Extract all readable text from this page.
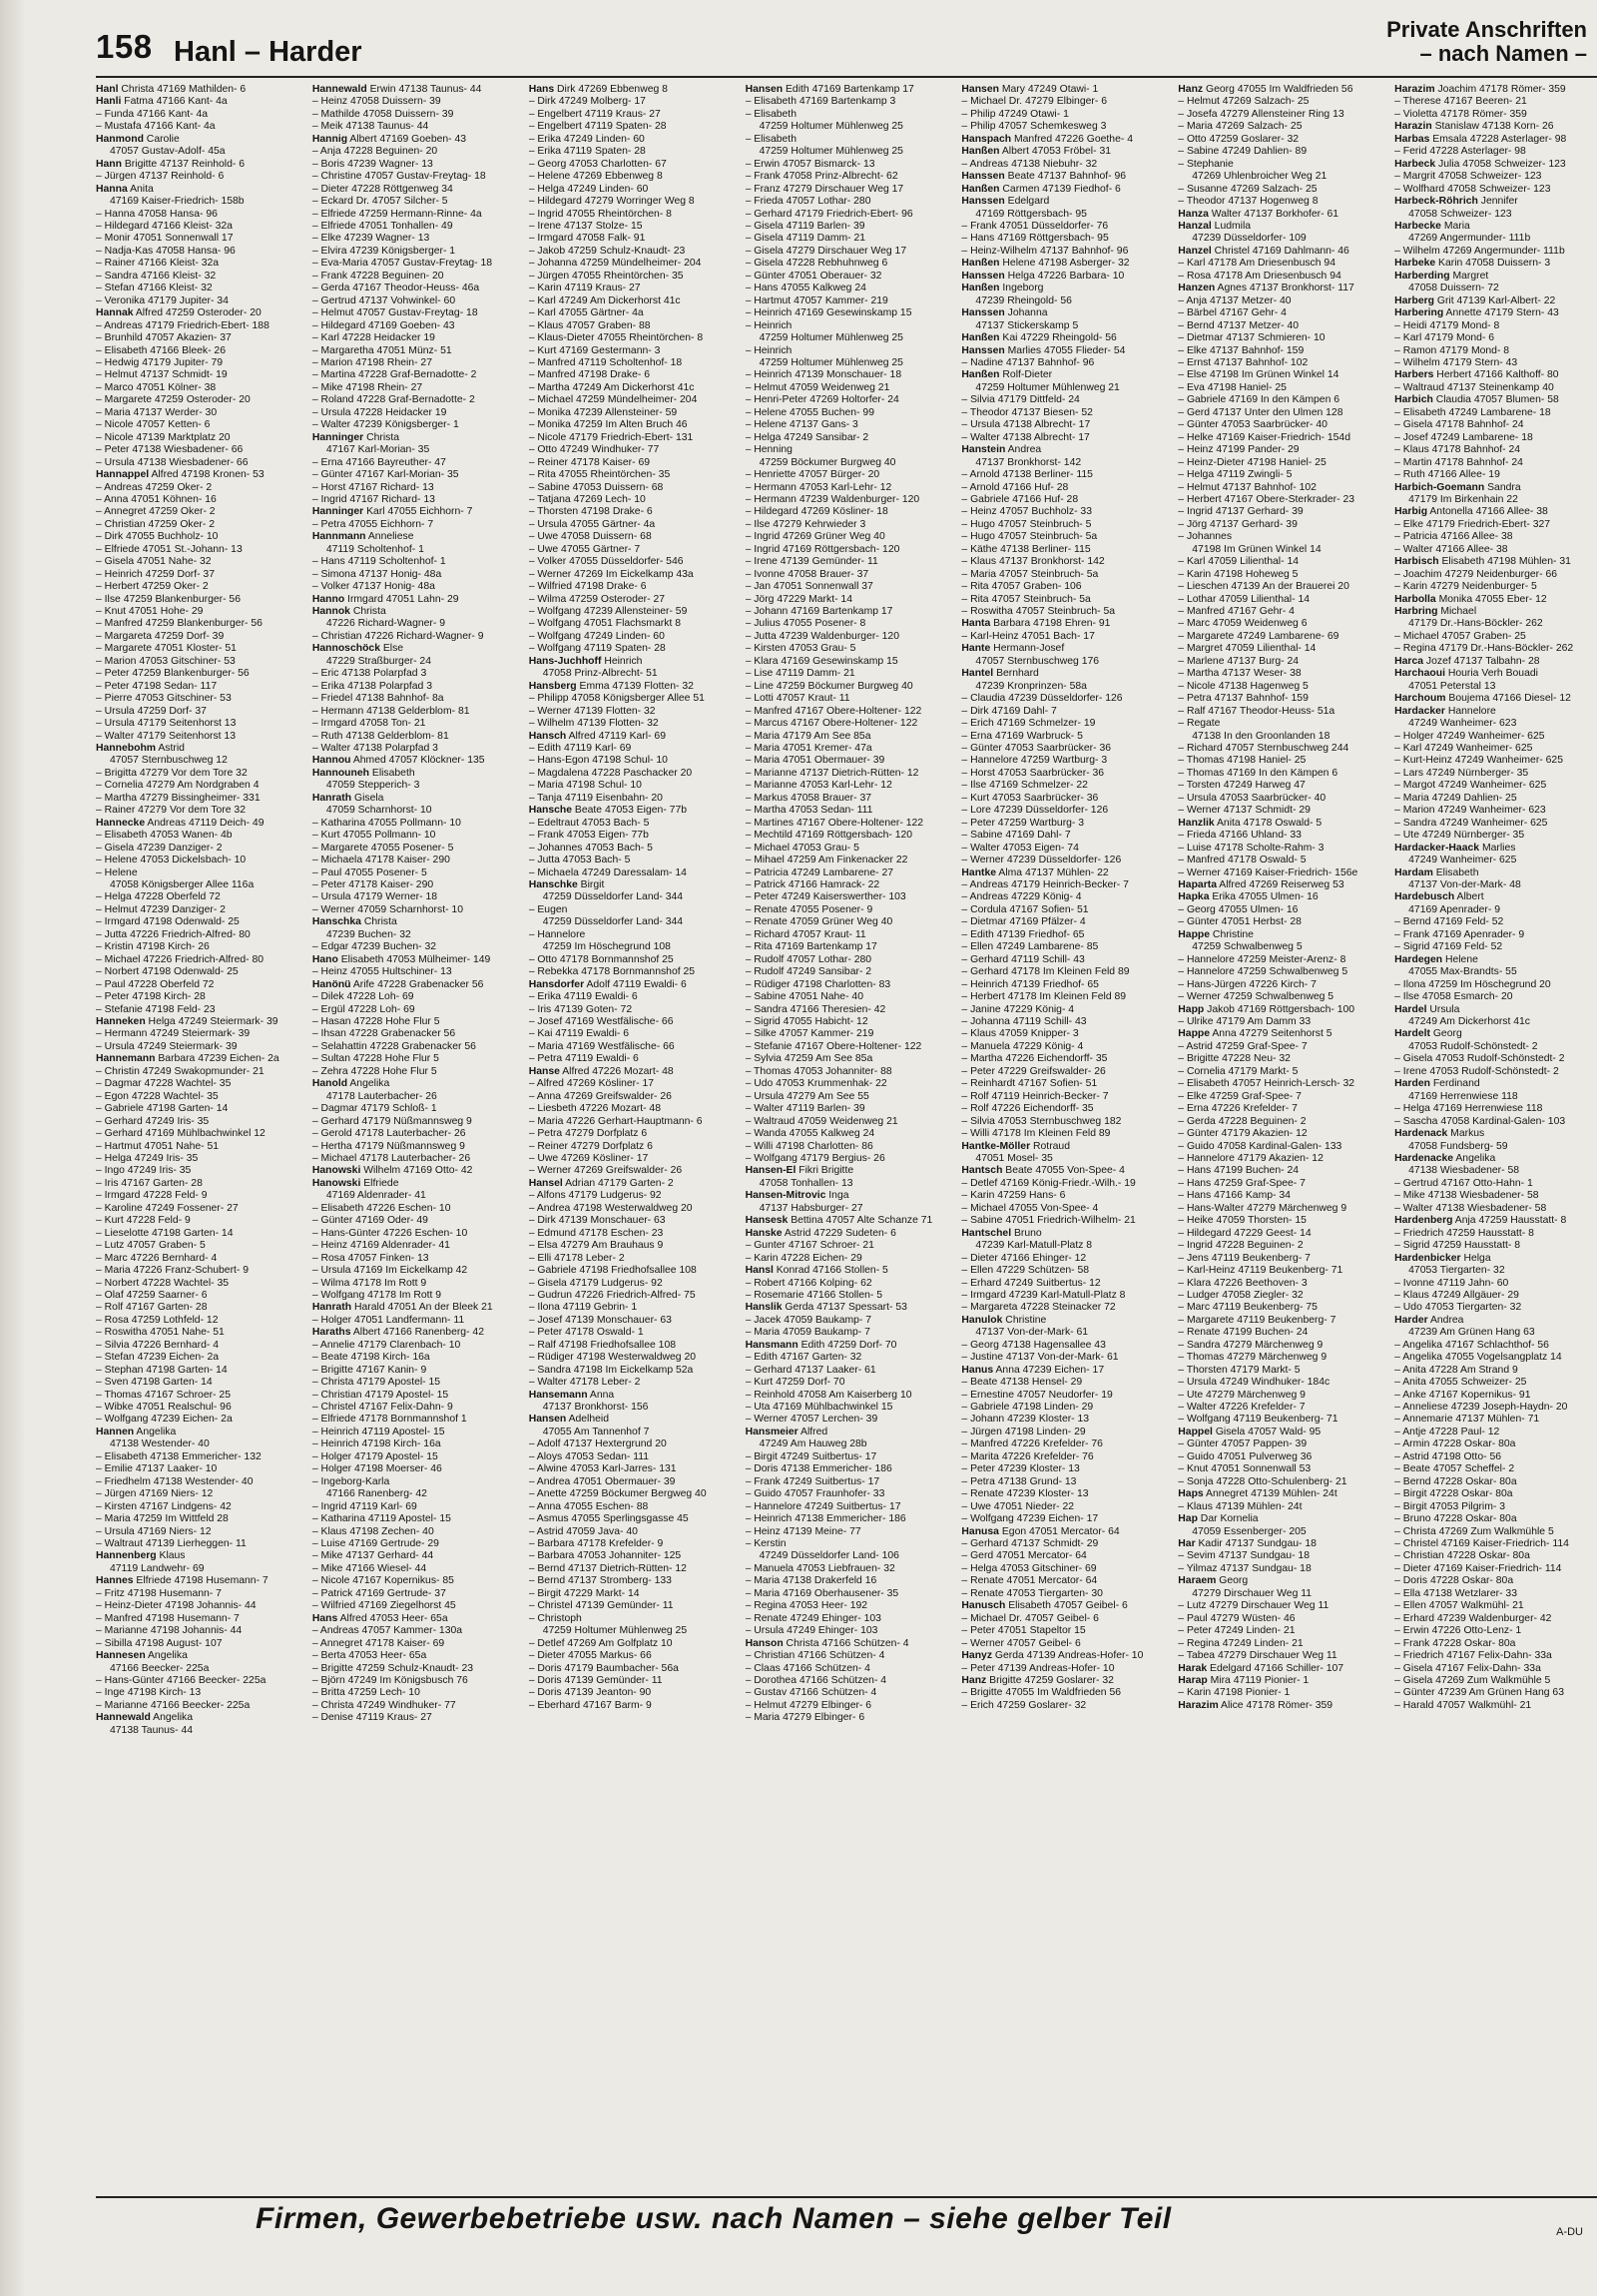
158 Hanl – Harder
Private Anschriften
– nach Namen –
Hanl Christa 47169 Mathilden- 6
Hanli Fatma 47166 Kant- 4a
– Funda 47166 Kant- 4a
– Mustafa 47166 Kant- 4a
Hanmond Carolie
47057 Gustav-Adolf- 45a
Hann Brigitte 47137 Reinhold- 6
– Jürgen 47137 Reinhold- 6
Hanna Anita
47169 Kaiser-Friedrich- 158b
– Hanna 47058 Hansa- 96
– Hildegard 47166 Kleist- 32a
– Monir 47051 Sonnenwall 17
– Nadja-Kas 47058 Hansa- 96
– Rainer 47166 Kleist- 32a
– Sandra 47166 Kleist- 32
– Stefan 47166 Kleist- 32
– Veronika 47179 Jupiter- 34
Hannak Alfred 47259 Osteroder- 20
– Andreas 47179 Friedrich-Ebert- 188
– Brunhild 47057 Akazien- 37
– Elisabeth 47166 Bleek- 26
– Hedwig 47179 Jupiter- 79
– Helmut 47137 Schmidt- 19
– Marco 47051 Kölner- 38
– Margarete 47259 Osteroder- 20
– Maria 47137 Werder- 30
– Nicole 47057 Ketten- 6
– Nicole 47139 Marktplatz 20
– Peter 47138 Wiesbadener- 66
– Ursula 47138 Wiesbadener- 66
Hannappel Alfred 47198 Kronen- 53
– Andreas 47259 Oker- 2
– Anna 47051 Köhnen- 16
– Annegret 47259 Oker- 2
– Christian 47259 Oker- 2
– Dirk 47055 Buchholz- 10
– Elfriede 47051 St.-Johann- 13
– Gisela 47051 Nahe- 32
– Heinrich 47259 Dorf- 37
– Herbert 47259 Oker- 2
– Ilse 47259 Blankenburger- 56
– Knut 47051 Hohe- 29
– Manfred 47259 Blankenburger- 56
– Margareta 47259 Dorf- 39
– Margarete 47051 Kloster- 51
– Marion 47053 Gitschiner- 53
– Peter 47259 Blankenburger- 56
– Peter 47198 Sedan- 117
– Pierre 47053 Gitschiner- 53
– Ursula 47259 Dorf- 37
– Ursula 47179 Seitenhorst 13
– Walter 47179 Seitenhorst 13
Hannebohm Astrid
47057 Sternbuschweg 12
– Brigitta 47279 Vor dem Tore 32
– Cornelia 47279 Am Nordgraben 4
– Martha 47279 Bissingheimer- 331
– Rainer 47279 Vor dem Tore 32
Hannecke Andreas 47119 Deich- 49
– Elisabeth 47053 Wanen- 4b
– Gisela 47239 Danziger- 2
– Helene 47053 Dickelsbach- 10
– Helene
47058 Königsberger Allee 116a
– Helga 47228 Oberfeld 72
– Helmut 47239 Danziger- 2
– Irmgard 47198 Odenwald- 25
– Jutta 47226 Friedrich-Alfred- 80
– Kristin 47198 Kirch- 26
– Michael 47226 Friedrich-Alfred- 80
– Norbert 47198 Odenwald- 25
– Paul 47228 Oberfeld 72
– Peter 47198 Kirch- 28
– Stefanie 47198 Feld- 23
Hanneken Helga 47249 Steiermark- 39
– Hermann 47249 Steiermark- 39
– Ursula 47249 Steiermark- 39
Hannemann Barbara 47239 Eichen- 2a
– Christin 47249 Swakopmunder- 21
– Dagmar 47228 Wachtel- 35
– Egon 47228 Wachtel- 35
– Gabriele 47198 Garten- 14
– Gerhard 47249 Iris- 35
– Gerhard 47169 Mühlbachwinkel 12
– Hartmut 47051 Nahe- 51
– Helga 47249 Iris- 35
– Ingo 47249 Iris- 35
– Iris 47167 Garten- 28
– Irmgard 47228 Feld- 9
– Karoline 47249 Fossener- 27
– Kurt 47228 Feld- 9
– Lieselotte 47198 Garten- 14
– Lutz 47057 Graben- 5
– Marc 47226 Bernhard- 4
– Maria 47226 Franz-Schubert- 9
– Norbert 47228 Wachtel- 35
– Olaf 47259 Saarner- 6
– Rolf 47167 Garten- 28
– Rosa 47259 Lothfeld- 12
– Roswitha 47051 Nahe- 51
– Silvia 47226 Bernhard- 4
– Stefan 47239 Eichen- 2a
– Stephan 47198 Garten- 14
– Sven 47198 Garten- 14
– Thomas 47167 Schroer- 25
– Wibke 47051 Realschul- 96
– Wolfgang 47239 Eichen- 2a
Hannen Angelika
47138 Westender- 40
– Elisabeth 47138 Emmericher- 132
– Emilie 47137 Laaker- 10
– Friedhelm 47138 Westender- 40
– Jürgen 47169 Niers- 12
– Kirsten 47167 Lindgens- 42
– Maria 47259 Im Wittfeld 28
– Ursula 47169 Niers- 12
– Waltraut 47139 Lierheggen- 11
Hannenberg Klaus
47119 Landwehr- 69
Hannes Elfriede 47198 Husemann- 7
– Fritz 47198 Husemann- 7
– Heinz-Dieter 47198 Johannis- 44
– Manfred 47198 Husemann- 7
– Marianne 47198 Johannis- 44
– Sibilla 47198 August- 107
Hannesen Angelika
47166 Beecker- 225a
– Hans-Günter 47166 Beecker- 225a
– Inge 47198 Kirch- 13
– Marianne 47166 Beecker- 225a
Hannewald Angelika
47138 Taunus- 44
Hannewald Erwin 47138 Taunus- 44
– Heinz 47058 Duissern- 39
– Mathilde 47058 Duissern- 39
– Meik 47138 Taunus- 44
Hannig Albert 47169 Goeben- 43
– Anja 47228 Beguinen- 20
– Boris 47239 Wagner- 13
– Christine 47057 Gustav-Freytag- 18
– Dieter 47228 Röttgenweg 34
– Eckard Dr. 47057 Silcher- 5
– Elfriede 47259 Hermann-Rinne- 4a
– Elfriede 47051 Tonhallen- 49
– Elke 47239 Wagner- 13
– Elvira 47239 Königsberger- 1
– Eva-Maria 47057 Gustav-Freytag- 18
– Frank 47228 Beguinen- 20
– Gerda 47167 Theodor-Heuss- 46a
– Gertrud 47137 Vohwinkel- 60
– Helmut 47057 Gustav-Freytag- 18
– Hildegard 47169 Goeben- 43
– Karl 47228 Heidacker 19
– Margaretha 47051 Münz- 51
– Marion 47198 Rhein- 27
– Martina 47228 Graf-Bernadotte- 2
– Mike 47198 Rhein- 27
– Roland 47228 Graf-Bernadotte- 2
– Ursula 47228 Heidacker 19
– Walter 47239 Königsberger- 1
Hanninger Christa
47167 Karl-Morian- 35
– Erna 47166 Bayreuther- 47
– Günter 47167 Karl-Morian- 35
– Horst 47167 Richard- 13
– Ingrid 47167 Richard- 13
Hanninger Karl 47055 Eichhorn- 7
– Petra 47055 Eichhorn- 7
Hannmann Anneliese
47119 Scholtenhof- 1
– Hans 47119 Scholtenhof- 1
– Simona 47137 Honig- 48a
– Volker 47137 Honig- 48a
Hanno Irmgard 47051 Lahn- 29
Hannok Christa
47226 Richard-Wagner- 9
– Christian 47226 Richard-Wagner- 9
Hannoschöck Else
47229 Straßburger- 24
– Eric 47138 Polarpfad 3
– Erika 47138 Polarpfad 3
– Friedel 47138 Bahnhof- 8a
– Hermann 47138 Gelderblom- 81
– Irmgard 47058 Ton- 21
– Ruth 47138 Gelderblom- 81
– Walter 47138 Polarpfad 3
Hannou Ahmed 47057 Klöckner- 135
Hannouneh Elisabeth
47059 Stepperich- 3
Hanrath Gisela
47059 Scharnhorst- 10
– Katharina 47055 Pollmann- 10
– Kurt 47055 Pollmann- 10
– Margarete 47055 Posener- 5
– Michaela 47178 Kaiser- 290
– Paul 47055 Posener- 5
– Peter 47178 Kaiser- 290
– Ursula 47179 Werner- 18
– Werner 47059 Scharnhorst- 10
Hanschka Christa
47239 Buchen- 32
– Edgar 47239 Buchen- 32
Hano Elisabeth 47053 Mülheimer- 149
– Heinz 47055 Hultschiner- 13
Hanönü Arife 47228 Grabenacker 56
– Dilek 47228 Loh- 69
– Ergül 47228 Loh- 69
– Hasan 47228 Hohe Flur 5
– Ihsan 47228 Grabenacker 56
– Selahattin 47228 Grabenacker 56
– Sultan 47228 Hohe Flur 5
– Zehra 47228 Hohe Flur 5
Hanold Angelika
47178 Lauterbacher- 26
– Dagmar 47179 Schloß- 1
– Gerhard 47179 Nüßmannsweg 9
– Gerold 47178 Lauterbacher- 26
– Hertha 47179 Nüßmannsweg 9
– Michael 47178 Lauterbacher- 26
Hanowski Wilhelm 47169 Otto- 42
Hanowski Elfriede
47169 Aldenrader- 41
– Elisabeth 47226 Eschen- 10
– Günter 47169 Oder- 49
– Hans-Günter 47226 Eschen- 10
– Heinz 47169 Aldenrader- 41
– Rosa 47057 Finken- 13
– Ursula 47169 Im Eickelkamp 42
– Wilma 47178 Im Rott 9
– Wolfgang 47178 Im Rott 9
Hanrath Harald 47051 An der Bleek 21
– Holger 47051 Landfermann- 11
Haraths Albert 47166 Ranenberg- 42
– Annelie 47179 Clarenbach- 10
– Beate 47198 Kirch- 16a
– Brigitte 47167 Kanin- 9
– Christa 47179 Apostel- 15
– Christian 47179 Apostel- 15
– Christel 47167 Felix-Dahn- 9
– Elfriede 47178 Bornmannshof 1
– Heinrich 47119 Apostel- 15
– Heinrich 47198 Kirch- 16a
– Holger 47179 Apostel- 15
– Holger 47198 Moerser- 46
– Ingeborg-Karla
47166 Ranenberg- 42
– Ingrid 47119 Karl- 69
– Katharina 47119 Apostel- 15
– Klaus 47198 Zechen- 40
– Luise 47169 Gertrude- 29
– Mike 47137 Gerhard- 44
– Mike 47166 Wiesel- 44
– Nicole 47167 Kopernikus- 85
– Patrick 47169 Gertrude- 37
– Wilfried 47169 Ziegelhorst 45
Hans Alfred 47053 Heer- 65a
– Andreas 47057 Kammer- 130a
– Annegret 47178 Kaiser- 69
– Berta 47053 Heer- 65a
– Brigitte 47259 Schulz-Knaudt- 23
– Björn 47249 Im Königsbusch 76
– Britta 47259 Lech- 10
– Christa 47249 Windhuker- 77
– Denise 47119 Kraus- 27
Hans Dirk 47269 Ebbenweg 8
– Dirk 47249 Molberg- 17
– Engelbert 47119 Kraus- 27
– Engelbert 47119 Spaten- 28
– Erika 47249 Linden- 60
– Erika 47119 Spaten- 28
– Georg 47053 Charlotten- 67
– Helene 47269 Ebbenweg 8
– Helga 47249 Linden- 60
– Hildegard 47279 Worringer Weg 8
– Ingrid 47055 Rheintörchen- 8
– Irene 47137 Stolze- 15
– Irmgard 47058 Falk- 91
– Jakob 47259 Schulz-Knaudt- 23
– Johanna 47259 Mündelheimer- 204
– Jürgen 47055 Rheintörchen- 35
– Karin 47119 Kraus- 27
– Karl 47249 Am Dickerhorst 41c
– Karl 47055 Gärtner- 4a
– Klaus 47057 Graben- 88
– Klaus-Dieter 47055 Rheintörchen- 8
– Kurt 47169 Gestermann- 3
– Manfred 47119 Scholtenhof- 18
– Manfred 47198 Drake- 6
– Martha 47249 Am Dickerhorst 41c
– Michael 47259 Mündelheimer- 204
– Monika 47239 Allensteiner- 59
– Monika 47259 Im Alten Bruch 46
– Nicole 47179 Friedrich-Ebert- 131
– Otto 47249 Windhuker- 77
– Reiner 47178 Kaiser- 69
– Rita 47055 Rheintörchen- 35
– Sabine 47053 Duissern- 68
– Tatjana 47269 Lech- 10
– Thorsten 47198 Drake- 6
– Ursula 47055 Gärtner- 4a
– Uwe 47058 Duissern- 68
– Uwe 47055 Gärtner- 7
– Volker 47055 Düsseldorfer- 546
– Werner 47269 Im Eickelkamp 43a
– Wilfried 47198 Drake- 6
– Wilma 47259 Osteroder- 27
– Wolfgang 47239 Allensteiner- 59
– Wolfgang 47051 Flachsmarkt 8
– Wolfgang 47249 Linden- 60
– Wolfgang 47119 Spaten- 28
Hans-Juchhoff Heinrich
47058 Prinz-Albrecht- 51
Hansberg Emma 47139 Flotten- 32
– Philipp 47058 Königsberger Allee 51
– Werner 47139 Flotten- 32
– Wilhelm 47139 Flotten- 32
Hansch Alfred 47119 Karl- 69
– Edith 47119 Karl- 69
– Hans-Egon 47198 Schul- 10
– Magdalena 47228 Paschacker 20
– Maria 47198 Schul- 10
– Tanja 47119 Eisenbahn- 20
Hansche Beate 47053 Eigen- 77b
– Edeltraut 47053 Bach- 5
– Frank 47053 Eigen- 77b
– Johannes 47053 Bach- 5
– Jutta 47053 Bach- 5
– Michaela 47249 Daressalam- 14
Hanschke Birgit
47259 Düsseldorfer Land- 344
– Eugen
47259 Düsseldorfer Land- 344
– Hannelore
47259 Im Höschegrund 108
– Otto 47178 Bornmannshof 25
– Rebekka 47178 Bornmannshof 25
Hansdorfer Adolf 47119 Ewaldi- 6
– Erika 47119 Ewaldi- 6
– Iris 47139 Goten- 72
– Josef 47169 Westfälische- 66
– Kai 47119 Ewaldi- 6
– Maria 47169 Westfälische- 66
– Petra 47119 Ewaldi- 6
Hanse Alfred 47226 Mozart- 48
– Alfred 47269 Kösliner- 17
– Anna 47269 Greifswalder- 26
– Liesbeth 47226 Mozart- 48
– Maria 47226 Gerhart-Hauptmann- 6
– Petra 47279 Dorfplatz 6
– Reiner 47279 Dorfplatz 6
– Uwe 47269 Kösliner- 17
– Werner 47269 Greifswalder- 26
Hansel Adrian 47179 Garten- 2
– Alfons 47179 Ludgerus- 92
– Andrea 47198 Westerwaldweg 20
– Dirk 47139 Monschauer- 63
– Edmund 47178 Eschen- 23
– Elsa 47279 Am Brauhaus 9
– Elli 47178 Leber- 2
– Gabriele 47198 Friedhofsallee 108
– Gisela 47179 Ludgerus- 92
– Gudrun 47226 Friedrich-Alfred- 75
– Ilona 47119 Gebrin- 1
– Josef 47139 Monschauer- 63
– Peter 47178 Oswald- 1
– Ralf 47198 Friedhofsallee 108
– Rüdiger 47198 Westerwaldweg 20
– Sandra 47198 Im Eickelkamp 52a
– Walter 47178 Leber- 2
Hansemann Anna
47137 Bronkhorst- 156
Hansen Adelheid
47055 Am Tannenhof 7
– Adolf 47137 Hextergrund 20
– Aloys 47053 Sedan- 111
– Alwine 47053 Karl-Jarres- 131
– Andrea 47051 Obermauer- 39
– Anette 47259 Böckumer Bergweg 40
– Anna 47055 Eschen- 88
– Asmus 47055 Sperlingsgasse 45
– Astrid 47059 Java- 40
– Barbara 47178 Krefelder- 9
– Barbara 47053 Johanniter- 125
– Bernd 47137 Dietrich-Rütten- 12
– Bernd 47137 Stromberg- 133
– Birgit 47229 Markt- 14
– Christel 47139 Gemünder- 11
– Christoph
47259 Holtumer Mühlenweg 25
– Detlef 47269 Am Golfplatz 10
– Dieter 47055 Markus- 66
– Doris 47179 Baumbacher- 56a
– Doris 47139 Gemünder- 11
– Doris 47139 Jeanton- 90
– Eberhard 47167 Barm- 9
Hansen Edith 47169 Bartenkamp 17
– Elisabeth 47169 Bartenkamp 3
– Elisabeth
47259 Holtumer Mühlenweg 25
– Elisabeth
47259 Holtumer Mühlenweg 25
– Erwin 47057 Bismarck- 13
– Frank 47058 Prinz-Albrecht- 62
– Franz 47279 Dirschauer Weg 17
– Frieda 47057 Lothar- 280
– Gerhard 47179 Friedrich-Ebert- 96
– Gisela 47119 Barlen- 39
– Gisela 47119 Damm- 21
– Gisela 47279 Dirschauer Weg 17
– Gisela 47228 Rebhuhnweg 6
– Günter 47051 Oberauer- 32
– Hans 47055 Kalkweg 24
– Hartmut 47057 Kammer- 219
– Heinrich 47169 Gesewinskamp 15
– Heinrich
47259 Holtumer Mühlenweg 25
– Heinrich
47259 Holtumer Mühlenweg 25
– Heinrich 47139 Monschauer- 18
– Helmut 47059 Weidenweg 21
– Henri-Peter 47269 Holtorfer- 24
– Helene 47055 Buchen- 99
– Helene 47137 Gans- 3
– Helga 47249 Sansibar- 2
– Henning
47259 Böckumer Burgweg 40
– Henriette 47057 Bürger- 20
– Hermann 47053 Karl-Lehr- 12
– Hermann 47239 Waldenburger- 120
– Hildegard 47269 Kösliner- 18
– Ilse 47279 Kehrwieder 3
– Ingrid 47269 Grüner Weg 40
– Ingrid 47169 Röttgersbach- 120
– Irene 47139 Gemünder- 11
– Ivonne 47058 Brauer- 37
– Jan 47051 Sonnenwall 37
– Jörg 47229 Markt- 14
– Johann 47169 Bartenkamp 17
– Julius 47055 Posener- 8
– Jutta 47239 Waldenburger- 120
– Kirsten 47053 Grau- 5
– Klara 47169 Gesewinskamp 15
– Lise 47119 Damm- 21
– Line 47259 Böckumer Burgweg 40
– Lotti 47057 Kraut- 11
– Manfred 47167 Obere-Holtener- 122
– Marcus 47167 Obere-Holtener- 122
– Maria 47179 Am See 85a
– Maria 47051 Kremer- 47a
– Maria 47051 Obermauer- 39
– Marianne 47137 Dietrich-Rütten- 12
– Marianne 47053 Karl-Lehr- 12
– Markus 47058 Brauer- 37
– Martha 47053 Sedan- 111
– Martines 47167 Obere-Holtener- 122
– Mechtild 47169 Röttgersbach- 120
– Michael 47053 Grau- 5
– Mihael 47259 Am Finkenacker 22
– Patricia 47249 Lambarene- 27
– Patrick 47166 Hamrack- 22
– Peter 47249 Kaiserswerther- 103
– Renate 47055 Posener- 9
– Renate 47059 Grüner Weg 40
– Richard 47057 Kraut- 11
– Rita 47169 Bartenkamp 17
– Rudolf 47057 Lothar- 280
– Rudolf 47249 Sansibar- 2
– Rüdiger 47198 Charlotten- 83
– Sabine 47051 Nahe- 40
– Sandra 47166 Theresien- 42
– Sigrid 47055 Habicht- 12
– Silke 47057 Kammer- 219
– Stefanie 47167 Obere-Holtener- 122
– Sylvia 47259 Am See 85a
– Thomas 47053 Johanniter- 88
– Udo 47053 Krummenhak- 22
– Ursula 47279 Am See 55
– Walter 47119 Barlen- 39
– Waltraud 47059 Weidenweg 21
– Wanda 47055 Kalkweg 24
– Willi 47198 Charlotten- 86
– Wolfgang 47179 Bergius- 26
Hansen-El Fikri Brigitte
47058 Tonhallen- 13
Hansen-Mitrovic Inga
47137 Habsburger- 27
Hansesk Bettina 47057 Alte Schanze 71
Hanske Astrid 47229 Sudeten- 6
– Gunter 47167 Schroer- 21
– Karin 47228 Eichen- 29
Hansl Konrad 47166 Stollen- 5
– Robert 47166 Kolping- 62
– Rosemarie 47166 Stollen- 5
Hanslik Gerda 47137 Spessart- 53
– Jacek 47059 Baukamp- 7
– Maria 47059 Baukamp- 7
Hansmann Edith 47259 Dorf- 70
– Edith 47167 Garten- 32
– Gerhard 47137 Laaker- 61
– Kurt 47259 Dorf- 70
– Reinhold 47058 Am Kaiserberg 10
– Uta 47169 Mühlbachwinkel 15
– Werner 47057 Lerchen- 39
Hansmeier Alfred
47249 Am Hauweg 28b
– Birgit 47249 Suitbertus- 17
– Doris 47138 Emmericher- 186
– Frank 47249 Suitbertus- 17
– Guido 47057 Fraunhofer- 33
– Hannelore 47249 Suitbertus- 17
– Heinrich 47138 Emmericher- 186
– Heinz 47139 Meine- 77
– Kerstin
47249 Düsseldorfer Land- 106
– Manuela 47053 Liebfrauen- 32
– Maria 47138 Drakerfeld 16
– Maria 47169 Oberhausener- 35
– Regina 47053 Heer- 192
– Renate 47249 Ehinger- 103
– Ursula 47249 Ehinger- 103
Hanson Christa 47166 Schützen- 4
– Christian 47166 Schützen- 4
– Claas 47166 Schützen- 4
– Dorothea 47166 Schützen- 4
– Gustav 47166 Schützen- 4
– Helmut 47279 Elbinger- 6
– Maria 47279 Elbinger- 6
Hansen Mary 47249 Otawi- 1
– Michael Dr. 47279 Elbinger- 6
– Philip 47249 Otawi- 1
– Philip 47057 Schemkesweg 3
Hanspach Manfred 47226 Goethe- 4
Hanßen Albert 47053 Fröbel- 31
– Andreas 47138 Niebuhr- 32
Hanssen Beate 47137 Bahnhof- 96
Hanßen Carmen 47139 Fiedhof- 6
Hanssen Edelgard
47169 Röttgersbach- 95
– Frank 47051 Düsseldorfer- 76
– Hans 47169 Röttgersbach- 95
– Heinz-Wilhelm 47137 Bahnhof- 96
Hanßen Helene 47198 Asberger- 32
Hanssen Helga 47226 Barbara- 10
Hanßen Ingeborg
47239 Rheingold- 56
Hanssen Johanna
47137 Stickerskamp 5
Hanßen Kai 47229 Rheingold- 56
Hanssen Marlies 47055 Flieder- 54
– Nadine 47137 Bahnhof- 96
Hanßen Rolf-Dieter
47259 Holtumer Mühlenweg 21
– Silvia 47179 Dittfeld- 24
– Theodor 47137 Biesen- 52
– Ursula 47138 Albrecht- 17
– Walter 47138 Albrecht- 17
Hanstein Andrea
47137 Bronkhorst- 142
– Arnold 47138 Berliner- 115
– Arnold 47166 Huf- 28
– Gabriele 47166 Huf- 28
– Heinz 47057 Buchholz- 33
– Hugo 47057 Steinbruch- 5
– Hugo 47057 Steinbruch- 5a
– Käthe 47138 Berliner- 115
– Klaus 47137 Bronkhorst- 142
– Maria 47057 Steinbruch- 5a
– Rita 47057 Graben- 106
– Rita 47057 Steinbruch- 5a
– Roswitha 47057 Steinbruch- 5a
Hanta Barbara 47198 Ehren- 91
– Karl-Heinz 47051 Bach- 17
Hante Hermann-Josef
47057 Sternbuschweg 176
Hantel Bernhard
47239 Kronprinzen- 58a
– Claudia 47239 Düsseldorfer- 126
– Dirk 47169 Dahl- 7
– Erich 47169 Schmelzer- 19
– Erna 47169 Warbruck- 5
– Günter 47053 Saarbrücker- 36
– Hannelore 47259 Wartburg- 3
– Horst 47053 Saarbrücker- 36
– Ilse 47169 Schmelzer- 22
– Kurt 47053 Saarbrücker- 36
– Lore 47239 Düsseldorfer- 126
– Peter 47259 Wartburg- 3
– Sabine 47169 Dahl- 7
– Walter 47053 Eigen- 74
– Werner 47239 Düsseldorfer- 126
Hantke Alma 47137 Mühlen- 22
– Andreas 47179 Heinrich-Becker- 7
– Andreas 47229 König- 4
– Cordula 47167 Sofien- 51
– Dietmar 47169 Pfälzer- 4
– Edith 47139 Friedhof- 65
– Ellen 47249 Lambarene- 85
– Gerhard 47119 Schill- 43
– Gerhard 47178 Im Kleinen Feld 89
– Heinrich 47139 Friedhof- 65
– Herbert 47178 Im Kleinen Feld 89
– Janine 47229 König- 4
– Johanna 47119 Schill- 43
– Klaus 47059 Knipper- 3
– Manuela 47229 König- 4
– Martha 47226 Eichendorff- 35
– Peter 47229 Greifswalder- 26
– Reinhardt 47167 Sofien- 51
– Rolf 47119 Heinrich-Becker- 7
– Rolf 47226 Eichendorff- 35
– Silvia 47053 Sternbuschweg 182
– Willi 47178 Im Kleinen Feld 89
Hantke-Möller Rotraud
47051 Mosel- 35
Hantsch Beate 47055 Von-Spee- 4
– Detlef 47169 König-Friedr.-Wilh.- 19
– Karin 47259 Hans- 6
– Michael 47055 Von-Spee- 4
– Sabine 47051 Friedrich-Wilhelm- 21
Hantschel Bruno
47239 Karl-Matull-Platz 8
– Dieter 47166 Ehinger- 12
– Ellen 47229 Schützen- 58
– Erhard 47249 Suitbertus- 12
– Irmgard 47239 Karl-Matull-Platz 8
– Margareta 47228 Steinacker 72
Hanulok Christine
47137 Von-der-Mark- 61
– Georg 47138 Hagensallee 43
– Justine 47137 Von-der-Mark- 61
Hanus Anna 47239 Eichen- 17
– Beate 47138 Hensel- 29
– Ernestine 47057 Neudorfer- 19
– Gabriele 47198 Linden- 29
– Johann 47239 Kloster- 13
– Jürgen 47198 Linden- 29
– Manfred 47226 Krefelder- 76
– Marita 47226 Krefelder- 76
– Peter 47239 Kloster- 13
– Petra 47138 Grund- 13
– Renate 47239 Kloster- 13
– Uwe 47051 Nieder- 22
– Wolfgang 47239 Eichen- 17
Hanusa Egon 47051 Mercator- 64
– Gerhard 47137 Schmidt- 29
– Gerd 47051 Mercator- 64
– Helga 47053 Gitschiner- 69
– Renate 47051 Mercator- 64
– Renate 47053 Tiergarten- 30
Hanusch Elisabeth 47057 Geibel- 6
– Michael Dr. 47057 Geibel- 6
– Peter 47051 Stapeltor 15
– Werner 47057 Geibel- 6
Hanyz Gerda 47139 Andreas-Hofer- 10
– Peter 47139 Andreas-Hofer- 10
Hanz Brigitte 47259 Goslarer- 32
– Brigitte 47055 Im Waldfrieden 56
– Erich 47259 Goslarer- 32
Hanz Georg 47055 Im Waldfrieden 56
– Helmut 47269 Salzach- 25
– Josefa 47279 Allensteiner Ring 13
– Maria 47269 Salzach- 25
– Otto 47259 Goslarer- 32
– Sabine 47249 Dahlien- 89
– Stephanie
47269 Uhlenbroicher Weg 21
– Susanne 47269 Salzach- 25
– Theodor 47137 Hogenweg 8
Hanza Walter 47137 Borkhofer- 61
Hanzal Ludmila
47239 Düsseldorfer- 109
Hanzel Christel 47169 Dahlmann- 46
– Karl 47178 Am Driesenbusch 94
– Rosa 47178 Am Driesenbusch 94
Hanzen Agnes 47137 Bronkhorst- 117
– Anja 47137 Metzer- 40
– Bärbel 47167 Gehr- 4
– Bernd 47137 Metzer- 40
– Dietmar 47137 Schmieren- 10
– Elke 47137 Bahnhof- 159
– Ernst 47137 Bahnhof- 102
– Else 47198 Im Grünen Winkel 14
– Eva 47198 Haniel- 25
– Gabriele 47169 In den Kämpen 6
– Gerd 47137 Unter den Ulmen 128
– Günter 47053 Saarbrücker- 40
– Helke 47169 Kaiser-Friedrich- 154d
– Heinz 47199 Pander- 29
– Heinz-Dieter 47198 Haniel- 25
– Helga 47119 Zwingli- 5
– Helmut 47137 Bahnhof- 102
– Herbert 47167 Obere-Sterkrader- 23
– Ingrid 47137 Gerhard- 39
– Jörg 47137 Gerhard- 39
– Johannes
47198 Im Grünen Winkel 14
– Karl 47059 Lilienthal- 14
– Karin 47198 Hoheweg 5
– Lieschen 47139 An der Brauerei 20
– Lothar 47059 Lilienthal- 14
– Manfred 47167 Gehr- 4
– Marc 47059 Weidenweg 6
– Margarete 47249 Lambarene- 69
– Margret 47059 Lilienthal- 14
– Marlene 47137 Burg- 24
– Martha 47137 Weser- 38
– Nicole 47138 Hagenweg 5
– Petra 47137 Bahnhof- 159
– Ralf 47167 Theodor-Heuss- 51a
– Regate
47138 In den Groonlanden 18
– Richard 47057 Sternbuschweg 244
– Thomas 47198 Haniel- 25
– Thomas 47169 In den Kämpen 6
– Torsten 47249 Harweg 47
– Ursula 47053 Saarbrücker- 40
– Werner 47137 Schmidt- 29
Hanzlik Anita 47178 Oswald- 5
– Frieda 47166 Uhland- 33
– Luise 47178 Scholte-Rahm- 3
– Manfred 47178 Oswald- 5
– Werner 47169 Kaiser-Friedrich- 156e
Haparta Alfred 47269 Reiserweg 53
Hapka Erika 47055 Ulmen- 16
– Georg 47055 Ulmen- 16
– Günter 47051 Herbst- 28
Happe Christine
47259 Schwalbenweg 5
– Hannelore 47259 Meister-Arenz- 8
– Hannelore 47259 Schwalbenweg 5
– Hans-Jürgen 47226 Kirch- 7
– Werner 47259 Schwalbenweg 5
Happ Jakob 47169 Röttgersbach- 100
– Ulrike 47179 Am Damm 33
Happe Anna 47279 Seitenhorst 5
– Astrid 47259 Graf-Spee- 7
– Brigitte 47228 Neu- 32
– Cornelia 47179 Markt- 5
– Elisabeth 47057 Heinrich-Lersch- 32
– Elke 47259 Graf-Spee- 7
– Erna 47226 Krefelder- 7
– Gerda 47228 Beguinen- 2
– Günter 47179 Akazien- 12
– Guido 47058 Kardinal-Galen- 133
– Hannelore 47179 Akazien- 12
– Hans 47199 Buchen- 24
– Hans 47259 Graf-Spee- 7
– Hans 47166 Kamp- 34
– Hans-Walter 47279 Märchenweg 9
– Heike 47059 Thorsten- 15
– Hildegard 47229 Geest- 14
– Ingrid 47228 Beguinen- 2
– Jens 47119 Beukenberg- 7
– Karl-Heinz 47119 Beukenberg- 71
– Klara 47226 Beethoven- 3
– Ludger 47058 Ziegler- 32
– Marc 47119 Beukenberg- 75
– Margarete 47119 Beukenberg- 7
– Renate 47199 Buchen- 24
– Sandra 47279 Märchenweg 9
– Thomas 47279 Märchenweg 9
– Thorsten 47179 Markt- 5
– Ursula 47249 Windhuker- 184c
– Ute 47279 Märchenweg 9
– Walter 47226 Krefelder- 7
– Wolfgang 47119 Beukenberg- 71
Happel Gisela 47057 Wald- 95
– Günter 47057 Pappen- 39
– Guido 47051 Pulverweg 36
– Knut 47051 Sonnenwall 53
– Sonja 47228 Otto-Schulenberg- 21
Haps Annegret 47139 Mühlen- 24t
– Klaus 47139 Mühlen- 24t
Hap Dar Kornelia
47059 Essenberger- 205
Har Kadir 47137 Sundgau- 18
– Sevim 47137 Sundgau- 18
– Yilmaz 47137 Sundgau- 18
Haraem Georg
47279 Dirschauer Weg 11
– Lutz 47279 Dirschauer Weg 11
– Paul 47279 Wüsten- 46
– Peter 47249 Linden- 21
– Regina 47249 Linden- 21
– Tabea 47279 Dirschauer Weg 11
Harak Edelgard 47166 Schiller- 107
Harap Mira 47119 Pionier- 1
– Karin 47198 Pionier- 1
Harazim Alice 47178 Römer- 359
Harazim Joachim 47178 Römer- 359
– Therese 47167 Beeren- 21
– Violetta 47178 Römer- 359
Harazin Stanislaw 47138 Korn- 26
Harbas Emsala 47228 Asterlager- 98
– Ferid 47228 Asterlager- 98
Harbeck Julia 47058 Schweizer- 123
– Margrit 47058 Schweizer- 123
– Wolfhard 47058 Schweizer- 123
Harbeck-Röhrich Jennifer
47058 Schweizer- 123
Harbecke Maria
47269 Angermunder- 111b
– Wilhelm 47269 Angermunder- 111b
Harbeke Karin 47058 Duissern- 3
Harberding Margret
47058 Duissern- 72
Harberg Grit 47139 Karl-Albert- 22
Harbering Annette 47179 Stern- 43
– Heidi 47179 Mond- 8
– Karl 47179 Mond- 6
– Ramon 47179 Mond- 8
– Wilhelm 47179 Stern- 43
Harbers Herbert 47166 Kalthoff- 80
– Waltraud 47137 Steinenkamp 40
Harbich Claudia 47057 Blumen- 58
– Elisabeth 47249 Lambarene- 18
– Gisela 47178 Bahnhof- 24
– Josef 47249 Lambarene- 18
– Klaus 47178 Bahnhof- 24
– Martin 47178 Bahnhof- 24
– Ruth 47166 Allee- 19
Harbich-Goemann Sandra
47179 Im Birkenhain 22
Harbig Antonella 47166 Allee- 38
– Elke 47179 Friedrich-Ebert- 327
– Patricia 47166 Allee- 38
– Walter 47166 Allee- 38
Harbisch Elisabeth 47198 Mühlen- 31
– Joachim 47279 Neidenburger- 66
– Karin 47279 Neidenburger- 5
Harbolla Monika 47055 Eber- 12
Harbring Michael
47179 Dr.-Hans-Böckler- 262
– Michael 47057 Graben- 25
– Regina 47179 Dr.-Hans-Böckler- 262
Harca Jozef 47137 Talbahn- 28
Harchaoui Houria Verh Bouadi
47051 Peterstal 13
Harchoum Boujema 47166 Diesel- 12
Hardacker Hannelore
47249 Wanheimer- 623
– Holger 47249 Wanheimer- 625
– Karl 47249 Wanheimer- 625
– Kurt-Heinz 47249 Wanheimer- 625
– Lars 47249 Nürnberger- 35
– Margot 47249 Wanheimer- 625
– Maria 47249 Dahlien- 25
– Marion 47249 Wanheimer- 623
– Sandra 47249 Wanheimer- 625
– Ute 47249 Nürnberger- 35
Hardacker-Haack Marlies
47249 Wanheimer- 625
Hardam Elisabeth
47137 Von-der-Mark- 48
Hardebusch Albert
47169 Apenrader- 9
– Bernd 47169 Feld- 52
– Frank 47169 Apenrader- 9
– Sigrid 47169 Feld- 52
Hardegen Helene
47055 Max-Brandts- 55
– Ilona 47259 Im Höschegrund 20
– Ilse 47058 Esmarch- 20
Hardel Ursula
47249 Am Dickerhorst 41c
Hardelt Georg
47053 Rudolf-Schönstedt- 2
– Gisela 47053 Rudolf-Schönstedt- 2
– Irene 47053 Rudolf-Schönstedt- 2
Harden Ferdinand
47169 Herrenwiese 118
– Helga 47169 Herrenwiese 118
– Sascha 47058 Kardinal-Galen- 103
Hardenack Markus
47058 Fundsberg- 59
Hardenacke Angelika
47138 Wiesbadener- 58
– Gertrud 47167 Otto-Hahn- 1
– Mike 47138 Wiesbadener- 58
– Walter 47138 Wiesbadener- 58
Hardenberg Anja 47259 Hausstatt- 8
– Friedrich 47259 Hausstatt- 8
– Sigrid 47259 Hausstatt- 8
Hardenbicker Helga
47053 Tiergarten- 32
– Ivonne 47119 Jahn- 60
– Klaus 47249 Allgäuer- 29
– Udo 47053 Tiergarten- 32
Harder Andrea
47239 Am Grünen Hang 63
– Angelika 47167 Schlachthof- 56
– Angelika 47055 Vogelsangplatz 14
– Anita 47228 Am Strand 9
– Anita 47055 Schweizer- 25
– Anke 47167 Kopernikus- 91
– Anneliese 47239 Joseph-Haydn- 20
– Annemarie 47137 Mühlen- 71
– Antje 47228 Paul- 12
– Armin 47228 Oskar- 80a
– Astrid 47198 Otto- 56
– Beate 47057 Scheffel- 2
– Bernd 47228 Oskar- 80a
– Birgit 47228 Oskar- 80a
– Birgit 47053 Pilgrim- 3
– Bruno 47228 Oskar- 80a
– Christa 47269 Zum Walkmühle 5
– Christel 47169 Kaiser-Friedrich- 114
– Christian 47228 Oskar- 80a
– Dieter 47169 Kaiser-Friedrich- 114
– Doris 47228 Oskar- 80a
– Ella 47138 Wetzlarer- 33
– Ellen 47057 Walkmühl- 21
– Erhard 47239 Waldenburger- 42
– Erwin 47226 Otto-Lenz- 1
– Frank 47228 Oskar- 80a
– Friedrich 47167 Felix-Dahn- 33a
– Gisela 47167 Felix-Dahn- 33a
– Gisela 47269 Zum Walkmühle 5
– Günter 47239 Am Grünen Hang 63
– Harald 47057 Walkmühl- 21
Firmen, Gewerbebetriebe usw. nach Namen – siehe gelber Teil	A-DU
